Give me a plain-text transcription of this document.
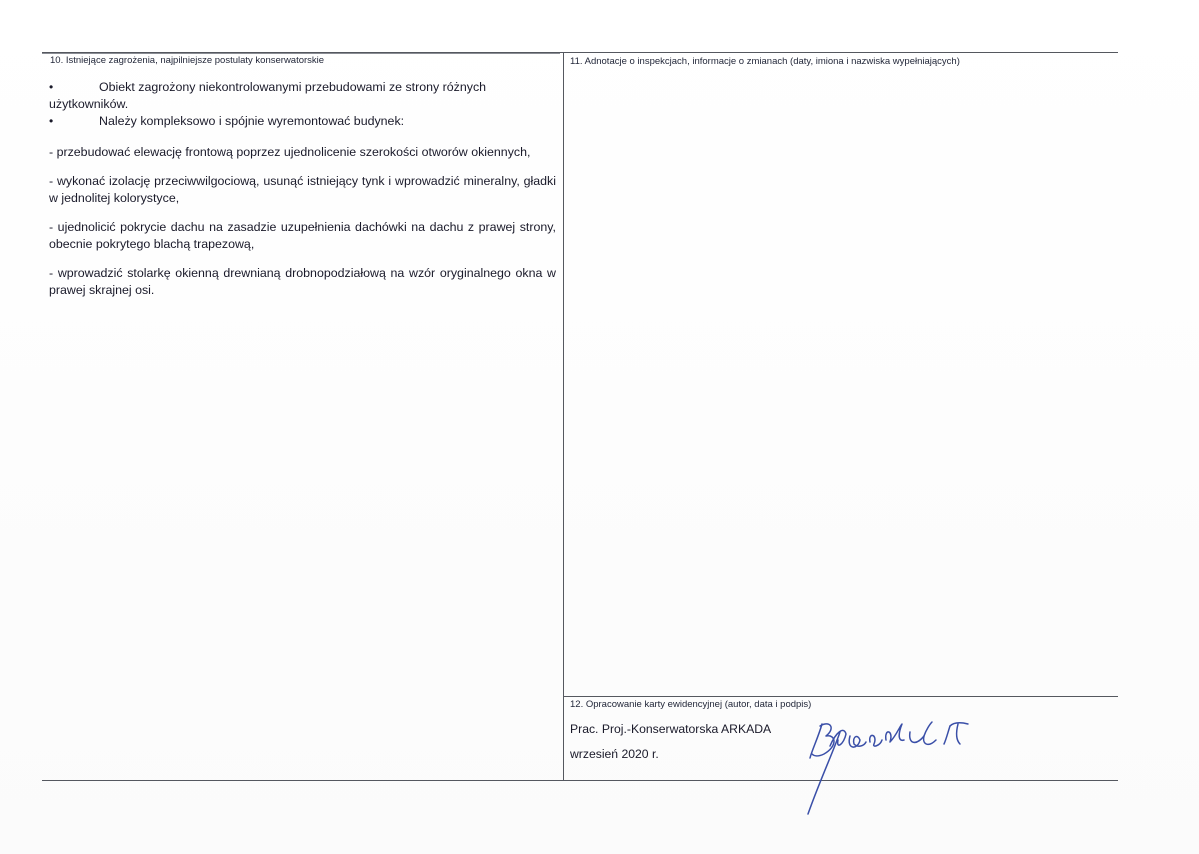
10. Istniejące zagrożenia, najpilniejsze postulaty konserwatorskie
•	Obiekt zagrożony niekontrolowanymi przebudowami ze strony różnych
użytkowników.
•	Należy kompleksowo i spójnie wyremontować budynek:
- przebudować elewację frontową poprzez ujednolicenie szerokości otworów okiennych,
- wykonać izolację przeciwwilgociową, usunąć istniejący tynk i wprowadzić mineralny, gładki w jednolitej kolorystyce,
- ujednolicić pokrycie dachu na zasadzie uzupełnienia dachówki na dachu z prawej strony, obecnie pokrytego blachą trapezową,
- wprowadzić stolarkę okienną drewnianą drobnopodziałową na wzór oryginalnego okna w prawej skrajnej osi.
11. Adnotacje o inspekcjach, informacje o zmianach (daty, imiona i nazwiska wypełniających)
12. Opracowanie karty ewidencyjnej (autor, data i podpis)
Prac. Proj.-Konserwatorska ARKADA
wrzesień 2020 r.
